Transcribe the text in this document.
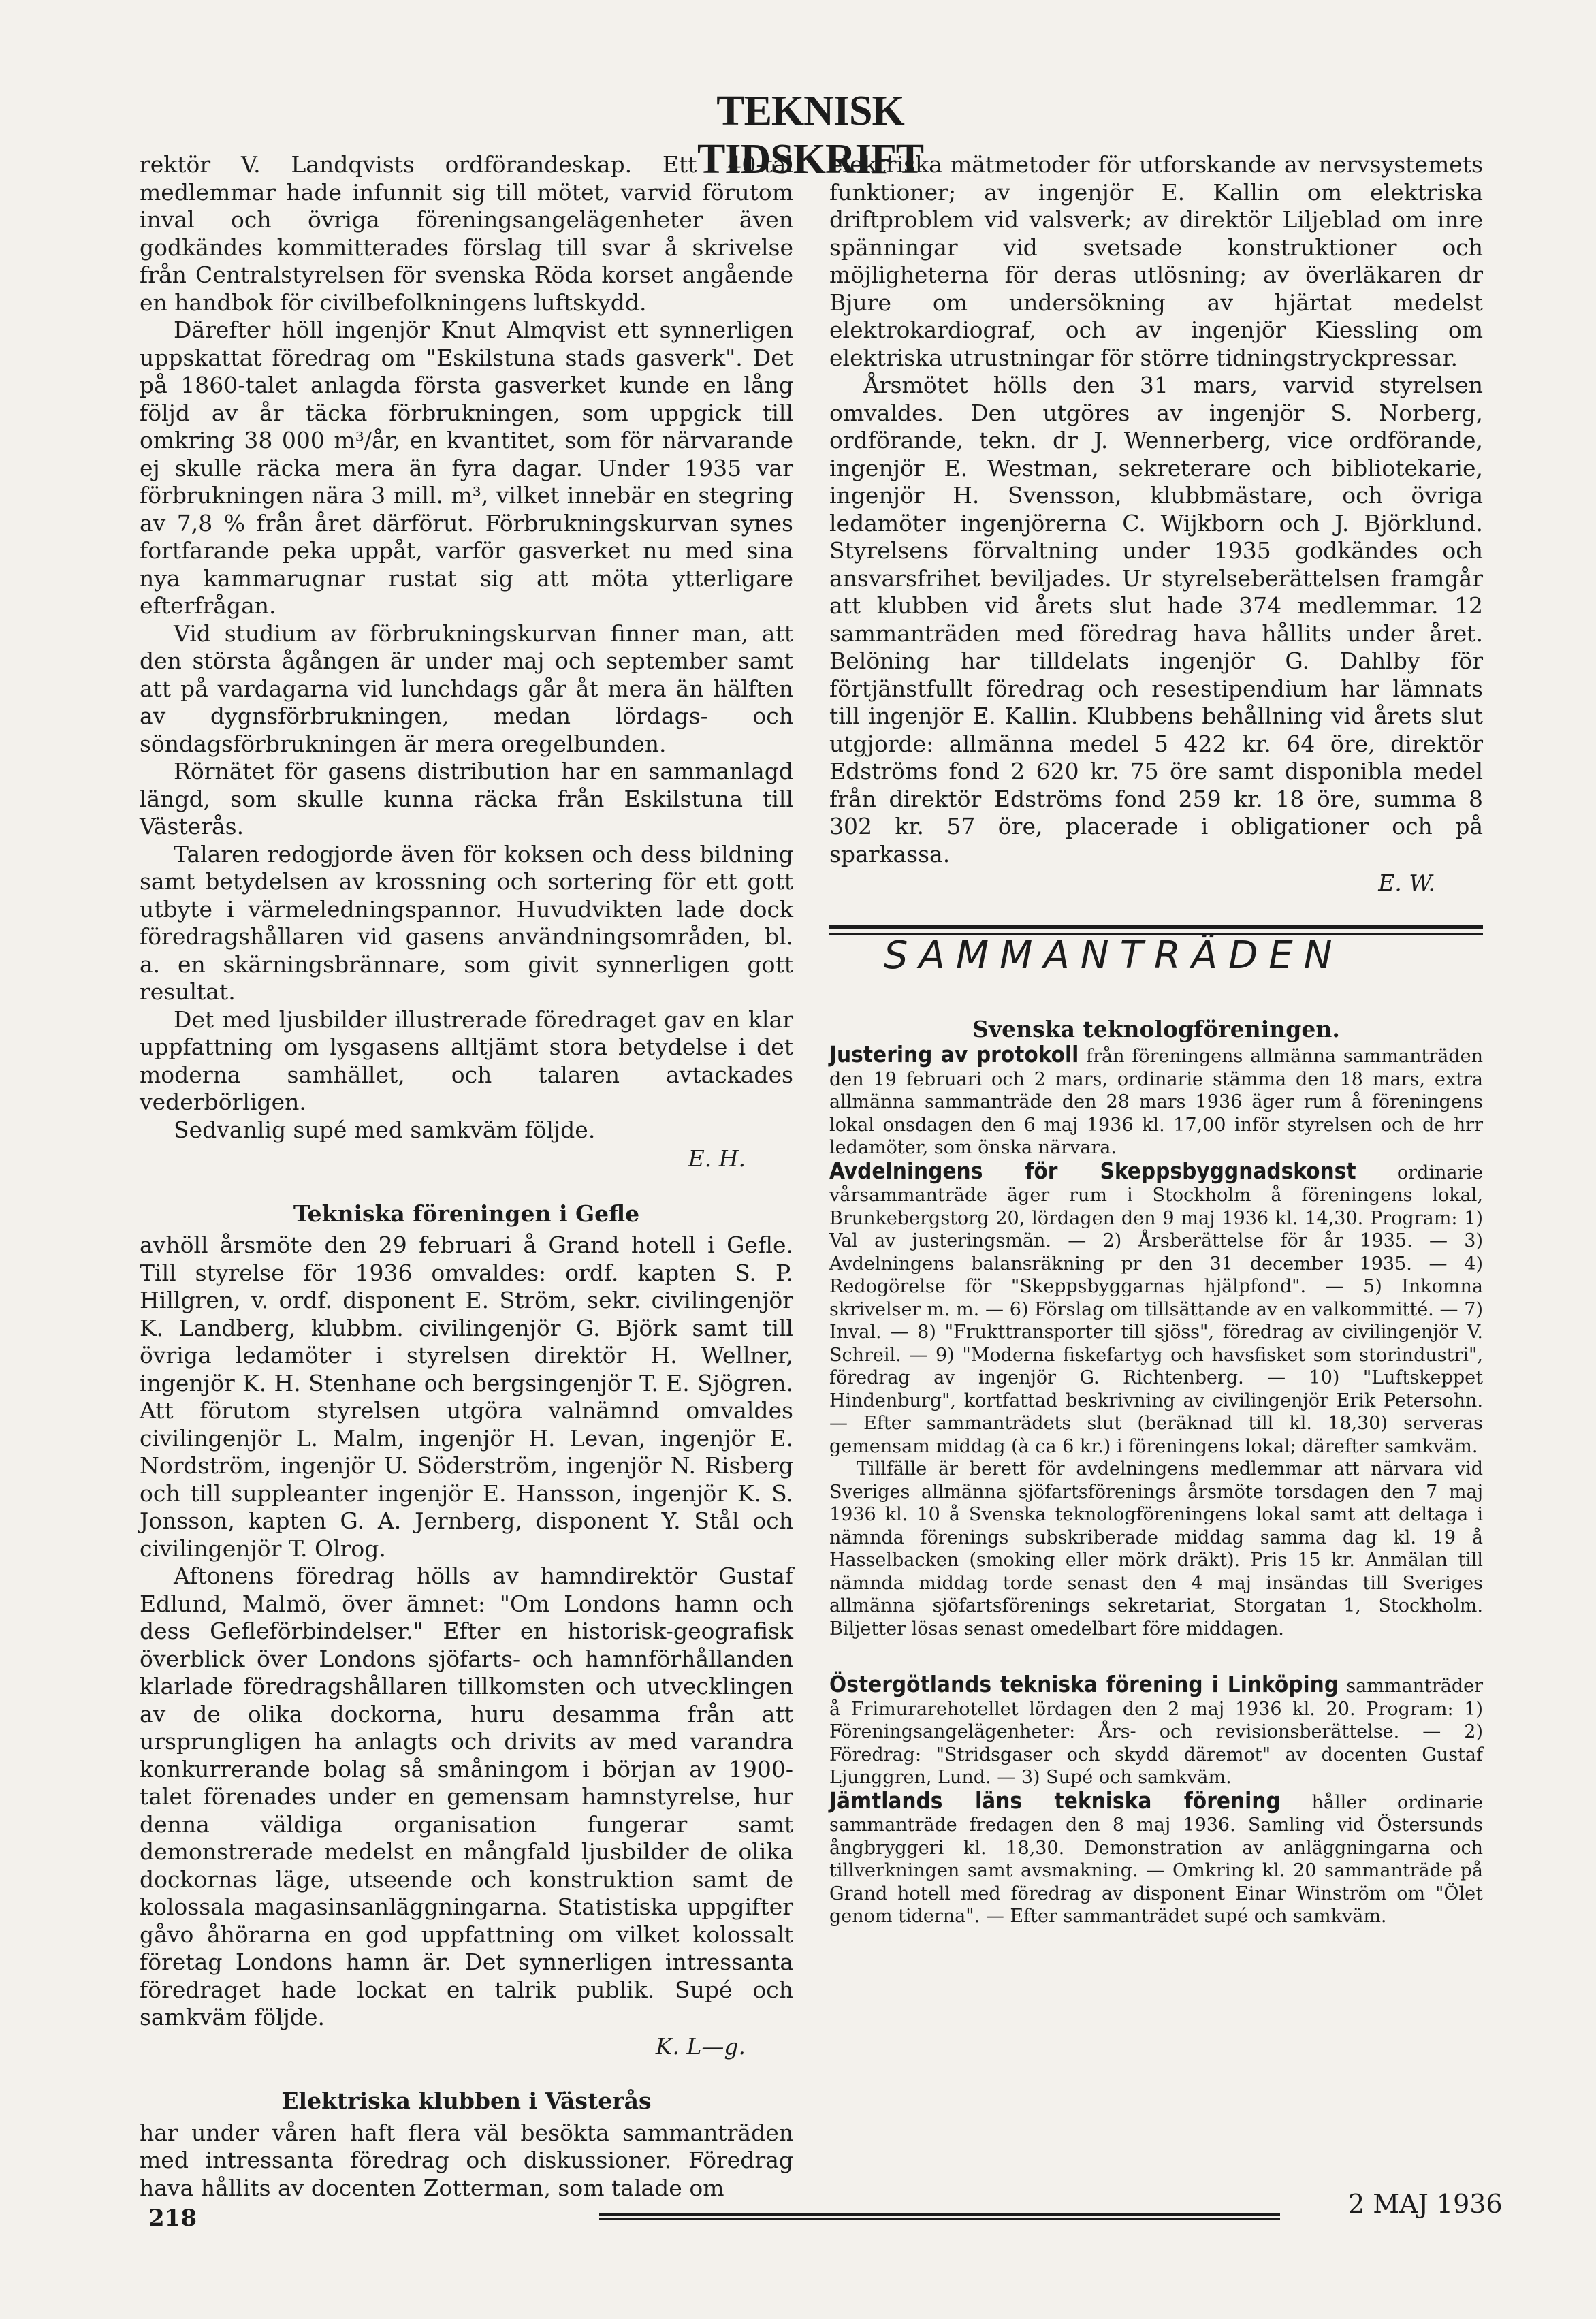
TEKNISK TIDSKRIFT

rektör V. Landqvists ordförandeskap. Ett 40-tal medlemmar hade infunnit sig till mötet, varvid förutom inval och övriga föreningsangelägenheter även godkändes kommitterades förslag till svar å skrivelse från Centralstyrelsen för svenska Röda korset angående en handbok för civilbefolkningens luftskydd.

Därefter höll ingenjör Knut Almqvist ett synnerligen uppskattat föredrag om "Eskilstuna stads gasverk". Det på 1860-talet anlagda första gasverket kunde en lång följd av år täcka förbrukningen, som uppgick till omkring 38 000 m³/år, en kvantitet, som för närvarande ej skulle räcka mera än fyra dagar. Under 1935 var förbrukningen nära 3 mill. m³, vilket innebär en stegring av 7,8 % från året därförut. Förbrukningskurvan synes fortfarande peka uppåt, varför gasverket nu med sina nya kammarugnar rustat sig att möta ytterligare efterfrågan.

Vid studium av förbrukningskurvan finner man, att den största ågången är under maj och september samt att på vardagarna vid lunchdags går åt mera än hälften av dygnsförbrukningen, medan lördags- och söndagsförbrukningen är mera oregelbunden.

Rörnätet för gasens distribution har en sammanlagd längd, som skulle kunna räcka från Eskilstuna till Västerås.

Talaren redogjorde även för koksen och dess bildning samt betydelsen av krossning och sortering för ett gott utbyte i värmeledningspannor. Huvudvikten lade dock föredragshållaren vid gasens användningsområden, bl. a. en skärningsbrännare, som givit synnerligen gott resultat.

Det med ljusbilder illustrerade föredraget gav en klar uppfattning om lysgasens alltjämt stora betydelse i det moderna samhället, och talaren avtackades vederbörligen.

Sedvanlig supé med samkväm följde.

E. H.
Tekniska föreningen i Gefle

avhöll årsmöte den 29 februari å Grand hotell i Gefle. Till styrelse för 1936 omvaldes: ordf. kapten S. P. Hillgren, v. ordf. disponent E. Ström, sekr. civilingenjör K. Landberg, klubbm. civilingenjör G. Björk samt till övriga ledamöter i styrelsen direktör H. Wellner, ingenjör K. H. Stenhane och bergsingenjör T. E. Sjögren. Att förutom styrelsen utgöra valnämnd omvaldes civilingenjör L. Malm, ingenjör H. Levan, ingenjör E. Nordström, ingenjör U. Söderström, ingenjör N. Risberg och till suppleanter ingenjör E. Hansson, ingenjör K. S. Jonsson, kapten G. A. Jernberg, disponent Y. Stål och civilingenjör T. Olrog.

Aftonens föredrag hölls av hamndirektör Gustaf Edlund, Malmö, över ämnet: "Om Londons hamn och dess Gefleförbindelser." Efter en historisk-geografisk överblick över Londons sjöfarts- och hamnförhållanden klarlade föredragshållaren tillkomsten och utvecklingen av de olika dockorna, huru desamma från att ursprungligen ha anlagts och drivits av med varandra konkurrerande bolag så småningom i början av 1900-talet förenades under en gemensam hamnstyrelse, hur denna väldiga organisation fungerar samt demonstrerade medelst en mångfald ljusbilder de olika dockornas läge, utseende och konstruktion samt de kolossala magasinsanläggningarna. Statistiska uppgifter gåvo åhörarna en god uppfattning om vilket kolossalt företag Londons hamn är. Det synnerligen intressanta föredraget hade lockat en talrik publik. Supé och samkväm följde.

K. L—g.
Elektriska klubben i Västerås

har under våren haft flera väl besökta sammanträden med intressanta föredrag och diskussioner. Föredrag hava hållits av docenten Zotterman, som talade om

elektriska mätmetoder för utforskande av nervsystemets funktioner; av ingenjör E. Kallin om elektriska driftproblem vid valsverk; av direktör Liljeblad om inre spänningar vid svetsade konstruktioner och möjligheterna för deras utlösning; av överläkaren dr Bjure om undersökning av hjärtat medelst elektrokardiograf, och av ingenjör Kiessling om elektriska utrustningar för större tidningstryckpressar.

Årsmötet hölls den 31 mars, varvid styrelsen omvaldes. Den utgöres av ingenjör S. Norberg, ordförande, tekn. dr J. Wennerberg, vice ordförande, ingenjör E. Westman, sekreterare och bibliotekarie, ingenjör H. Svensson, klubbmästare, och övriga ledamöter ingenjörerna C. Wijkborn och J. Björklund. Styrelsens förvaltning under 1935 godkändes och ansvarsfrihet beviljades. Ur styrelseberättelsen framgår att klubben vid årets slut hade 374 medlemmar. 12 sammanträden med föredrag hava hållits under året. Belöning har tilldelats ingenjör G. Dahlby för förtjänstfullt föredrag och resestipendium har lämnats till ingenjör E. Kallin. Klubbens behållning vid årets slut utgjorde: allmänna medel 5 422 kr. 64 öre, direktör Edströms fond 2 620 kr. 75 öre samt disponibla medel från direktör Edströms fond 259 kr. 18 öre, summa 8 302 kr. 57 öre, placerade i obligationer och på sparkassa.

E. W.
SAMMANTRÄDEN
Svenska teknologföreningen.

Justering av protokoll från föreningens allmänna sammanträden den 19 februari och 2 mars, ordinarie stämma den 18 mars, extra allmänna sammanträde den 28 mars 1936 äger rum å föreningens lokal onsdagen den 6 maj 1936 kl. 17,00 inför styrelsen och de hrr ledamöter, som önska närvara.

Avdelningens för Skeppsbyggnadskonst ordinarie vårsammanträde äger rum i Stockholm å föreningens lokal, Brunkebergstorg 20, lördagen den 9 maj 1936 kl. 14,30. Program: 1) Val av justeringsmän. — 2) Årsberättelse för år 1935. — 3) Avdelningens balansräkning pr den 31 december 1935. — 4) Redogörelse för "Skeppsbyggarnas hjälpfond". — 5) Inkomna skrivelser m. m. — 6) Förslag om tillsättande av en valkommitté. — 7) Inval. — 8) "Frukttransporter till sjöss", föredrag av civilingenjör V. Schreil. — 9) "Moderna fiskefartyg och havsfisket som storindustri", föredrag av ingenjör G. Richtenberg. — 10) "Luftskeppet Hindenburg", kortfattad beskrivning av civilingenjör Erik Petersohn. — Efter sammanträdets slut (beräknad till kl. 18,30) serveras gemensam middag (à ca 6 kr.) i föreningens lokal; därefter samkväm.

Tillfälle är berett för avdelningens medlemmar att närvara vid Sveriges allmänna sjöfartsförenings årsmöte torsdagen den 7 maj 1936 kl. 10 å Svenska teknologföreningens lokal samt att deltaga i nämnda förenings subskriberade middag samma dag kl. 19 å Hasselbacken (smoking eller mörk dräkt). Pris 15 kr. Anmälan till nämnda middag torde senast den 4 maj insändas till Sveriges allmänna sjöfartsförenings sekretariat, Storgatan 1, Stockholm. Biljetter lösas senast omedelbart före middagen.

Östergötlands tekniska förening i Linköping sammanträder å Frimurarehotellet lördagen den 2 maj 1936 kl. 20. Program: 1) Föreningsangelägenheter: Års- och revisionsberättelse. — 2) Föredrag: "Stridsgaser och skydd däremot" av docenten Gustaf Ljunggren, Lund. — 3) Supé och samkväm.

Jämtlands läns tekniska förening håller ordinarie sammanträde fredagen den 8 maj 1936. Samling vid Östersunds ångbryggeri kl. 18,30. Demonstration av anläggningarna och tillverkningen samt avsmakning. — Omkring kl. 20 sammanträde på Grand hotell med föredrag av disponent Einar Winström om "Ölet genom tiderna". — Efter sammanträdet supé och samkväm.

218	2 MAJ 1936
